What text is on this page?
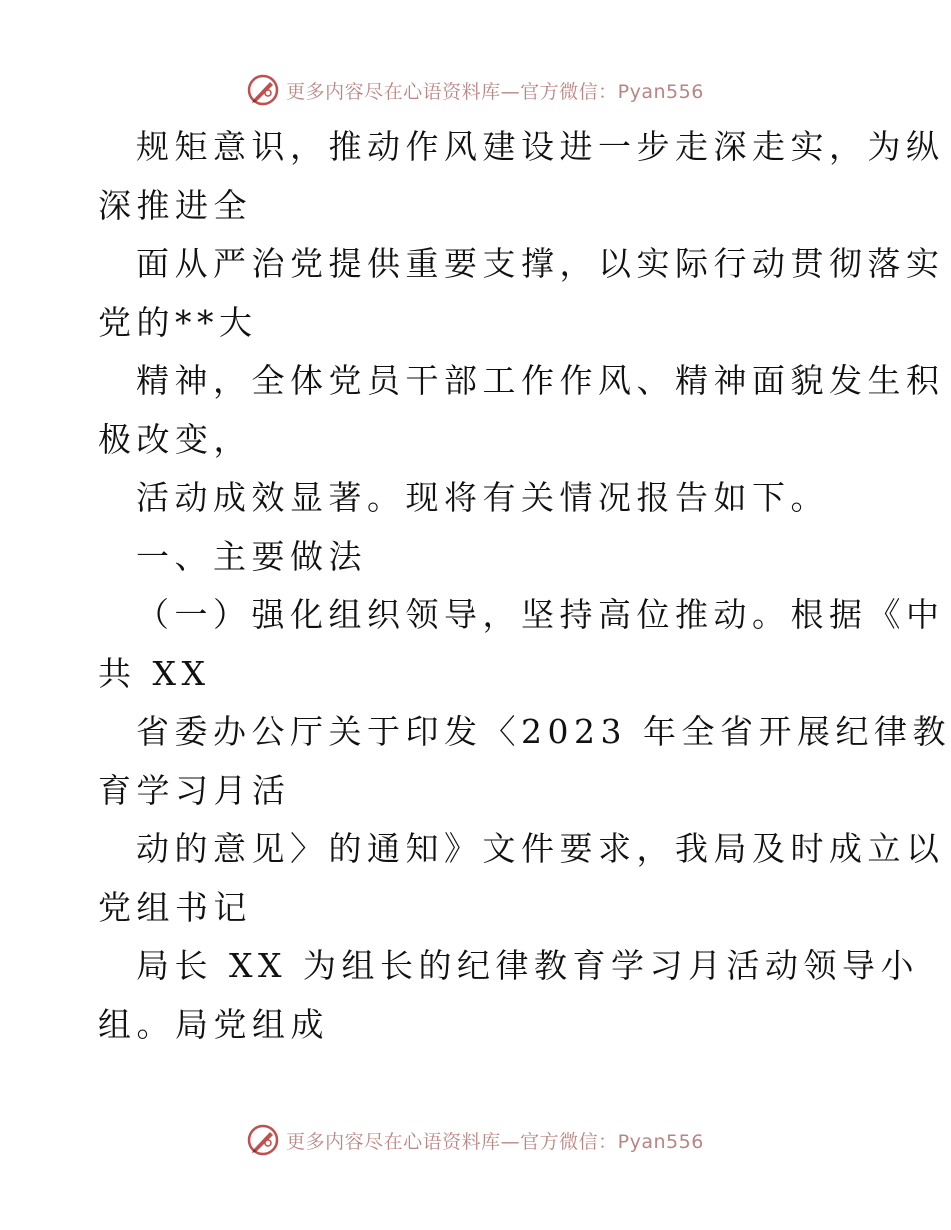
更多内容尽在心语资料库—官方微信：Pyan556
规矩意识，推动作风建设进一步走深走实，为纵
深推进全
面从严治党提供重要支撑，以实际行动贯彻落实
党的**大
精神，全体党员干部工作作风、精神面貌发生积
极改变，
活动成效显著。现将有关情况报告如下。
一、主要做法
（一）强化组织领导，坚持高位推动。根据《中
共 XX
省委办公厅关于印发〈2023 年全省开展纪律教
育学习月活
动的意见〉的通知》文件要求，我局及时成立以
党组书记
局长 XX 为组长的纪律教育学习月活动领导小
组。局党组成
更多内容尽在心语资料库—官方微信：Pyan556
